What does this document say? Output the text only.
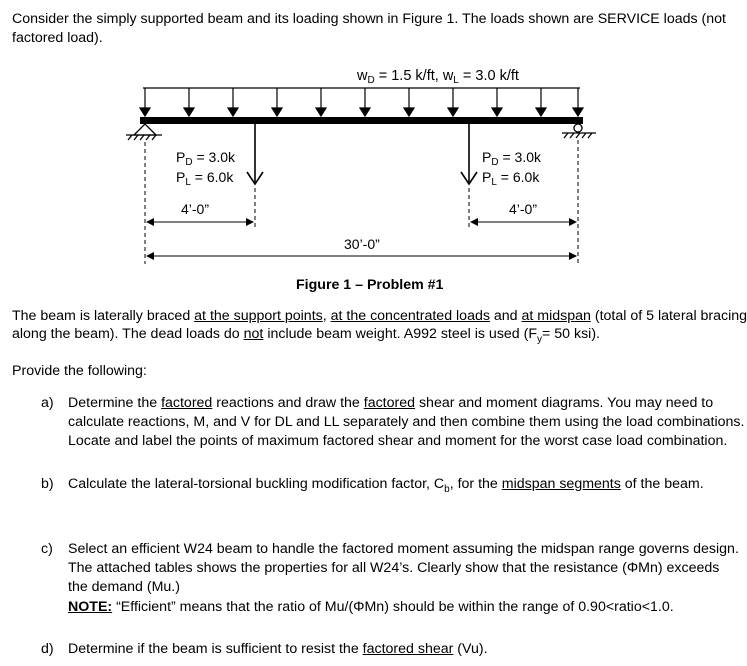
Consider the simply supported beam and its loading shown in Figure 1. The loads shown are SERVICE loads (not
factored load).
$w_D = 1.5$ k/ft, $w_L = 3.0$ k/ft
$P_D = 3.0k$
$P_L = 6.0k$
$P_D = 3.0k$
$P_L = 6.0k$
4’-0”	4’-0”
30’-0”
Figure 1 – Problem #1
The beam is laterally braced at the support points, at the concentrated loads and at midspan (total of 5 lateral bracing
along the beam). The dead loads do not include beam weight. A992 steel is used ($F_y= 50$ ksi).
Provide the following:
a) Determine the factored reactions and draw the factored shear and moment diagrams. You may need to
calculate reactions, M, and V for DL and LL separately and then combine them using the load combinations.
Locate and label the points of maximum factored shear and moment for the worst case load combination.
b) Calculate the lateral-torsional buckling modification factor, $C_b$, for the midspan segments of the beam.
c) Select an efficient W24 beam to handle the factored moment assuming the midspan range governs design.
The attached tables shows the properties for all W24’s. Clearly show that the resistance (ΦMn) exceeds
the demand (Mu.)
NOTE: “Efficient” means that the ratio of Mu/(ΦMn) should be within the range of 0.90<ratio<1.0.
d) Determine if the beam is sufficient to resist the factored shear (Vu).
